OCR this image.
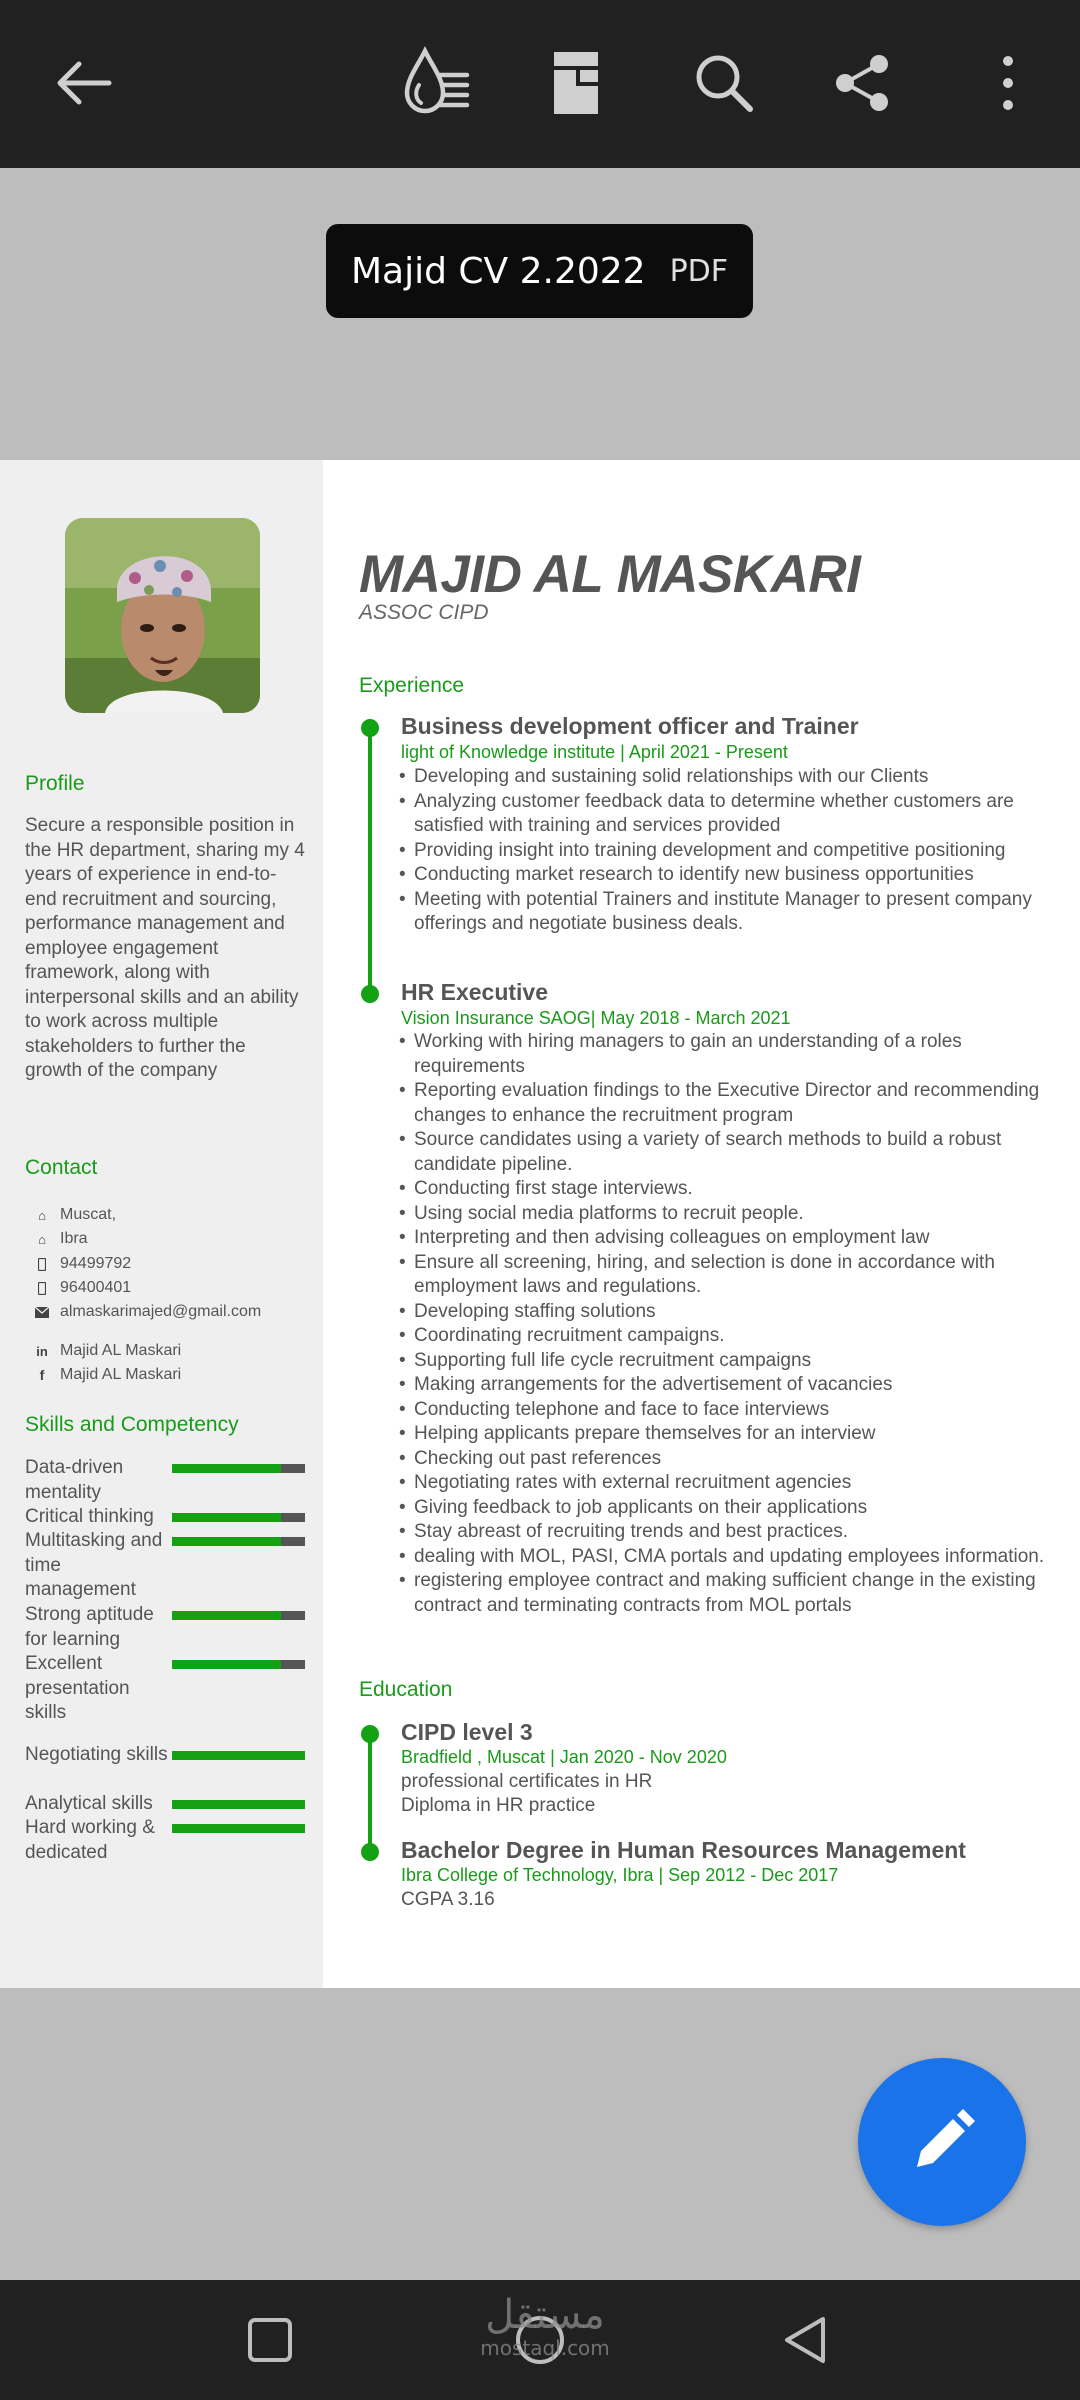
Majid CV 2.2022 PDF
Profile
Secure a responsible position in the HR department, sharing my 4 years of experience in end-to-end recruitment and sourcing, performance management and employee engagement framework, along with interpersonal skills and an ability to work across multiple stakeholders to further the growth of the company
Contact
⌂ Muscat,
⌂ Ibra
94499792
96400401
almaskarimajed@gmail.com
in Majid AL Maskari
f Majid AL Maskari
Skills and Competency
Data-driven mentality
Critical thinking
Multitasking and time management
Strong aptitude for learning
Excellent presentation skills
Negotiating skills
Analytical skills
Hard working & dedicated
MAJID AL MASKARI
ASSOC CIPD
Experience
Business development officer and Trainer
light of Knowledge institute | April 2021 - Present
• Developing and sustaining solid relationships with our Clients
• Analyzing customer feedback data to determine whether customers are satisfied with training and services provided
• Providing insight into training development and competitive positioning
• Conducting market research to identify new business opportunities
• Meeting with potential Trainers and institute Manager to present company offerings and negotiate business deals.
HR Executive
Vision Insurance SAOG| May 2018 - March 2021
• Working with hiring managers to gain an understanding of a roles requirements
• Reporting evaluation findings to the Executive Director and recommending changes to enhance the recruitment program
• Source candidates using a variety of search methods to build a robust candidate pipeline.
• Conducting first stage interviews.
• Using social media platforms to recruit people.
• Interpreting and then advising colleagues on employment law
• Ensure all screening, hiring, and selection is done in accordance with employment laws and regulations.
• Developing staffing solutions
• Coordinating recruitment campaigns.
• Supporting full life cycle recruitment campaigns
• Making arrangements for the advertisement of vacancies
• Conducting telephone and face to face interviews
• Helping applicants prepare themselves for an interview
• Checking out past references
• Negotiating rates with external recruitment agencies
• Giving feedback to job applicants on their applications
• Stay abreast of recruiting trends and best practices.
• dealing with MOL, PASI, CMA portals and updating employees information.
• registering employee contract and making sufficient change in the existing contract and terminating contracts from MOL portals
Education
CIPD level 3
Bradfield , Muscat | Jan 2020 - Nov 2020
professional certificates in HR
Diploma in HR practice
Bachelor Degree in Human Resources Management
Ibra College of Technology, Ibra | Sep 2012 - Dec 2017
CGPA 3.16
مستقل
mostaql.com
